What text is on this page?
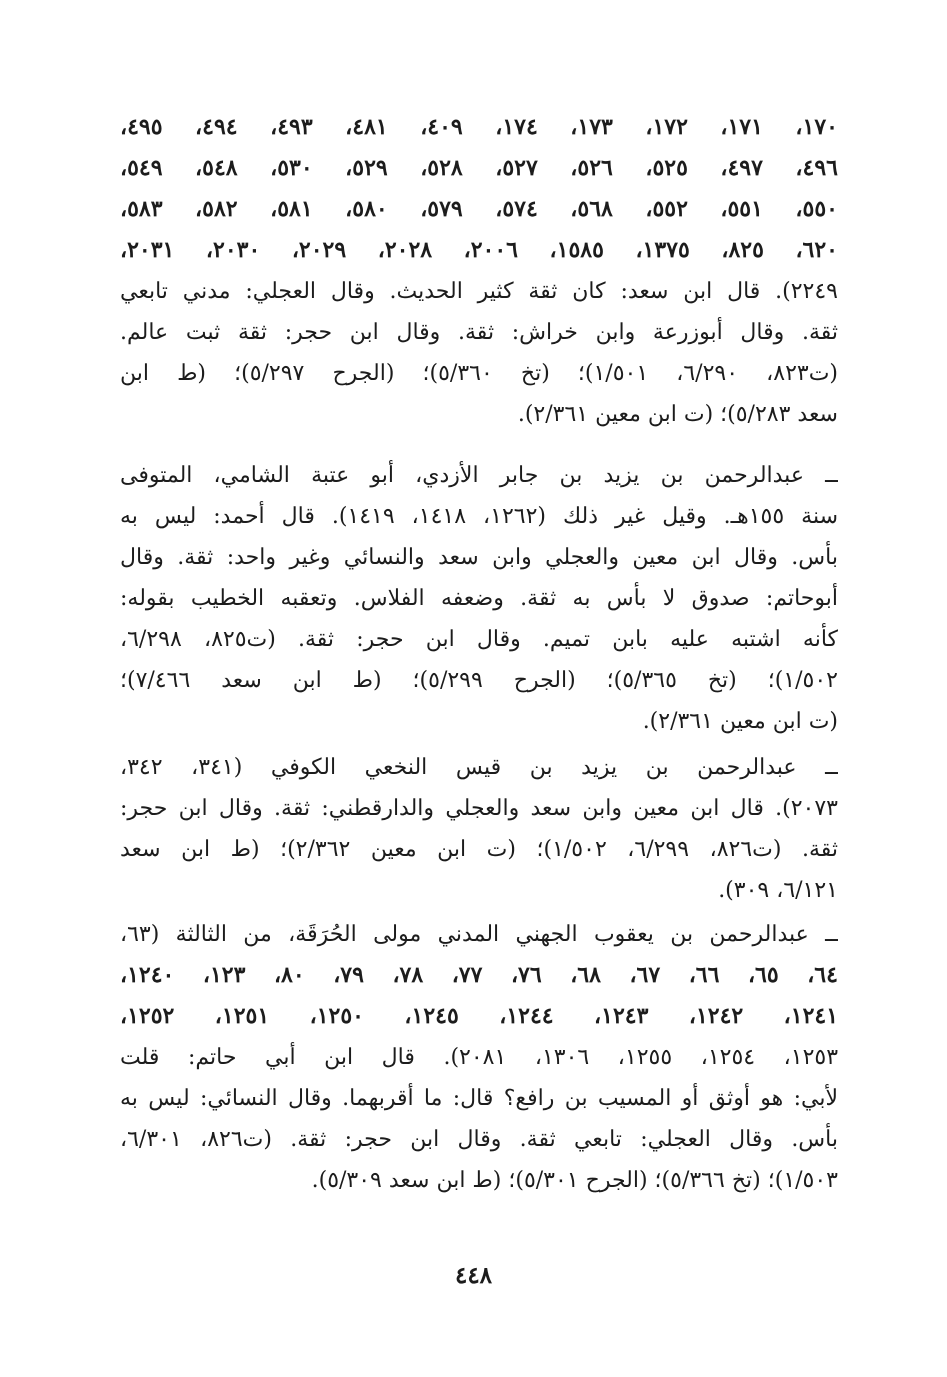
١٧٠، ١٧١، ١٧٢، ١٧٣، ١٧٤، ٤٠٩، ٤٨١، ٤٩٣، ٤٩٤، ٤٩٥،
٤٩٦، ٤٩٧، ٥٢٥، ٥٢٦، ٥٢٧، ٥٢٨، ٥٢٩، ٥٣٠، ٥٤٨، ٥٤٩،
٥٥٠، ٥٥١، ٥٥٢، ٥٦٨، ٥٧٤، ٥٧٩، ٥٨٠، ٥٨١، ٥٨٢، ٥٨٣،
٦٢٠، ٨٢٥، ١٣٧٥، ١٥٨٥، ٢٠٠٦، ٢٠٢٨، ٢٠٢٩، ٢٠٣٠، ٢٠٣١،
٢٢٤٩). قال ابن سعد: كان ثقة كثير الحديث. وقال العجلي: مدني تابعي
ثقة. وقال أبوزرعة وابن خراش: ثقة. وقال ابن حجر: ثقة ثبت عالم.
(ت٨٢٣، ٦/٢٩٠، ١/٥٠١)؛ (تخ ٥/٣٦٠)؛ (الجرح ٥/٢٩٧)؛ (ط ابن
سعد ٥/٢٨٣)؛ (ت ابن معين ٢/٣٦١).
ــ عبدالرحمن بن يزيد بن جابر الأزدي، أبو عتبة الشامي، المتوفى
سنة ١٥٥هـ. وقيل غير ذلك (١٢٦٢، ١٤١٨، ١٤١٩). قال أحمد: ليس به
بأس. وقال ابن معين والعجلي وابن سعد والنسائي وغير واحد: ثقة. وقال
أبوحاتم: صدوق لا بأس به ثقة. وضعفه الفلاس. وتعقبه الخطيب بقوله:
كأنه اشتبه عليه بابن تميم. وقال ابن حجر: ثقة. (ت٨٢٥، ٦/٢٩٨،
١/٥٠٢)؛ (تخ ٥/٣٦٥)؛ (الجرح ٥/٢٩٩)؛ (ط ابن سعد ٧/٤٦٦)؛
(ت ابن معين ٢/٣٦١).
ــ عبدالرحمن بن يزيد بن قيس النخعي الكوفي (٣٤١، ٣٤٢،
٢٠٧٣). قال ابن معين وابن سعد والعجلي والدارقطني: ثقة. وقال ابن حجر:
ثقة. (ت٨٢٦، ٦/٢٩٩، ١/٥٠٢)؛ (ت ابن معين ٢/٣٦٢)؛ (ط ابن سعد
٦/١٢١، ٣٠٩).
ــ عبدالرحمن بن يعقوب الجهني المدني مولى الحُرَقَة، من الثالثة (٦٣،
٦٤، ٦٥، ٦٦، ٦٧، ٦٨، ٧٦، ٧٧، ٧٨، ٧٩، ٨٠، ١٢٣، ١٢٤٠،
١٢٤١، ١٢٤٢، ١٢٤٣، ١٢٤٤، ١٢٤٥، ١٢٥٠، ١٢٥١، ١٢٥٢،
١٢٥٣، ١٢٥٤، ١٢٥٥، ١٣٠٦، ٢٠٨١). قال ابن أبي حاتم: قلت
لأبي: هو أوثق أو المسيب بن رافع؟ قال: ما أقربهما. وقال النسائي: ليس به
بأس. وقال العجلي: تابعي ثقة. وقال ابن حجر: ثقة. (ت٨٢٦، ٦/٣٠١،
١/٥٠٣)؛ (تخ ٥/٣٦٦)؛ (الجرح ٥/٣٠١)؛ (ط ابن سعد ٥/٣٠٩).
٤٤٨
